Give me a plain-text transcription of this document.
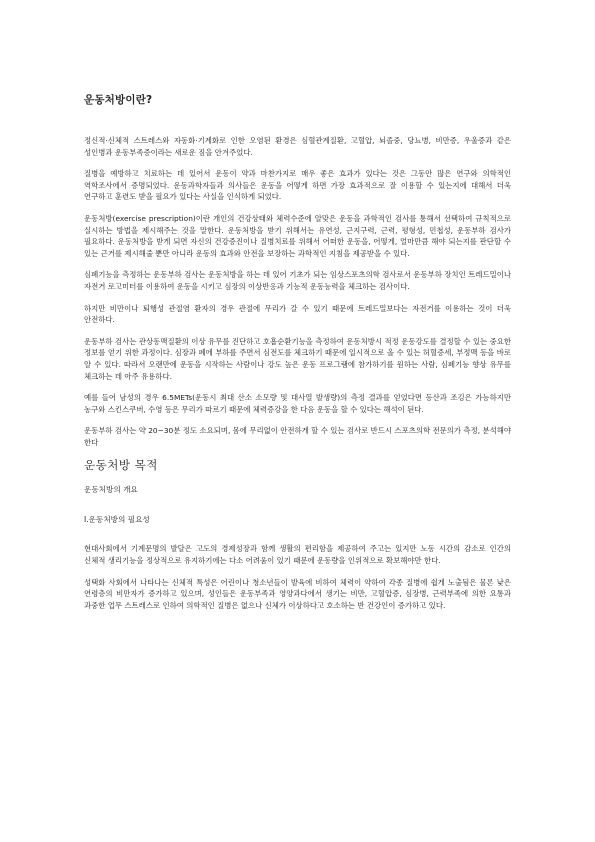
운동처방이란?

정신적·신체적 스트레스와 자동화·기계화로 인한 오염된 환경은 심혈관계질환, 고혈압, 뇌졸중, 당뇨병, 비만증, 우울증과 같은 성인병과 운동부족증이라는 새로운 짐을 안겨주었다.

질병을 예방하고 치료하는 데 있어서 운동이 약과 마찬가지로 매우 좋은 효과가 있다는 것은 그동안 많은 연구와 의학적인 역학조사에서 증명되었다. 운동과학자들과 의사들은 운동을 어떻게 하면 가장 효과적으로 잘 이용할 수 있는지에 대해서 더욱 연구하고 훈련도 받을 필요가 있다는 사실을 인식하게 되었다.

운동처방(exercise prescription)이란 개인의 건강상태와 체력수준에 알맞은 운동을 과학적인 검사를 통해서 선택하여 규칙적으로 실시하는 방법을 제시해주는 것을 말한다. 운동처방을 받기 위해서는 유연성, 근지구력, 근력, 평형성, 민첩성, 운동부하 검사가 필요하다. 운동처방을 받게 되면 자신의 건강증진이나 질병치료를 위해서 어떠한 운동을, 어떻게, 얼마만큼 해야 되는지를 판단할 수 있는 근거를 제시해줄 뿐만 아니라 운동의 효과와 안전을 보장하는 과학적인 지침을 제공받을 수 있다.

심폐기능을 측정하는 운동부하 검사는 운동처방을 하는 데 있어 기초가 되는 임상스포츠의학 검사로서 운동부하 장치인 트레드밀이나 자전거 로고미터를 이용하여 운동을 시키고 심장의 이상반응과 기능적 운동능력을 체크하는 검사이다.

하지만 비만이나 퇴행성 관절염 환자의 경우 관절에 무리가 갈 수 있기 때문에 트레드밀보다는 자전거를 이용하는 것이 더욱 안전하다.

운동부하 검사는 관상동맥질환의 이상 유무를 진단하고 호흡순환기능을 측정하여 운동처방시 적정 운동강도를 결정할 수 있는 중요한 정보를 얻기 위한 과정이다. 심장과 폐에 부하를 주면서 심전도를 체크하기 때문에 일시적으로 올 수 있는 허혈증세, 부정맥 등을 바로 알 수 있다. 따라서 오랜만에 운동을 시작하는 사람이나 강도 높은 운동 프로그램에 참가하기를 원하는 사람, 심폐기능 향상 유무를 체크하는 데 아주 유용하다.

예를 들어 남성의 경우 6.5METs(운동시 최대 산소 소모량 및 대사열 발생량)의 측정 결과를 얻었다면 등산과 조깅은 가능하지만 농구와 스킨스쿠버, 수영 등은 무리가 따르기 때문에 체력증강을 한 다음 운동을 할 수 있다는 해석이 된다.

운동부하 검사는 약 20~30분 정도 소요되며, 몸에 무리없이 안전하게 할 수 있는 검사로 반드시 스포츠의학 전문의가 측정, 분석해야 한다

운동처방 목적
운동처방의 개요
Ⅰ.운동처방의 필요성

현대사회에서 기계문명의 발달은 고도의 경제성장과 함께 생활의 편리함을 제공하여 주고는 있지만 노동 시간의 감소로 인간의 신체적 생리기능을 정상적으로 유지하기에는 다소 어려움이 있기 때문에 운동량을 인위적으로 확보해야만 한다.

성택화 사회에서 나타나는 신체적 특성은 어린이나 청소년들이 발육에 비하여 체력이 약하여 각종 질병에 쉽게 노출됨은 물론 낮은 연령층의 비만자가 증가하고 있으며, 성인들은 운동부족과 영양과다에서 생기는 비만, 고혈압증, 심장병, 근력부족에 의한 요통과 과중한 업무 스트레스로 인하여 의학적인 질병은 없으나 신체가 이상하다고 호소하는 반 건강인이 증가하고 있다.
